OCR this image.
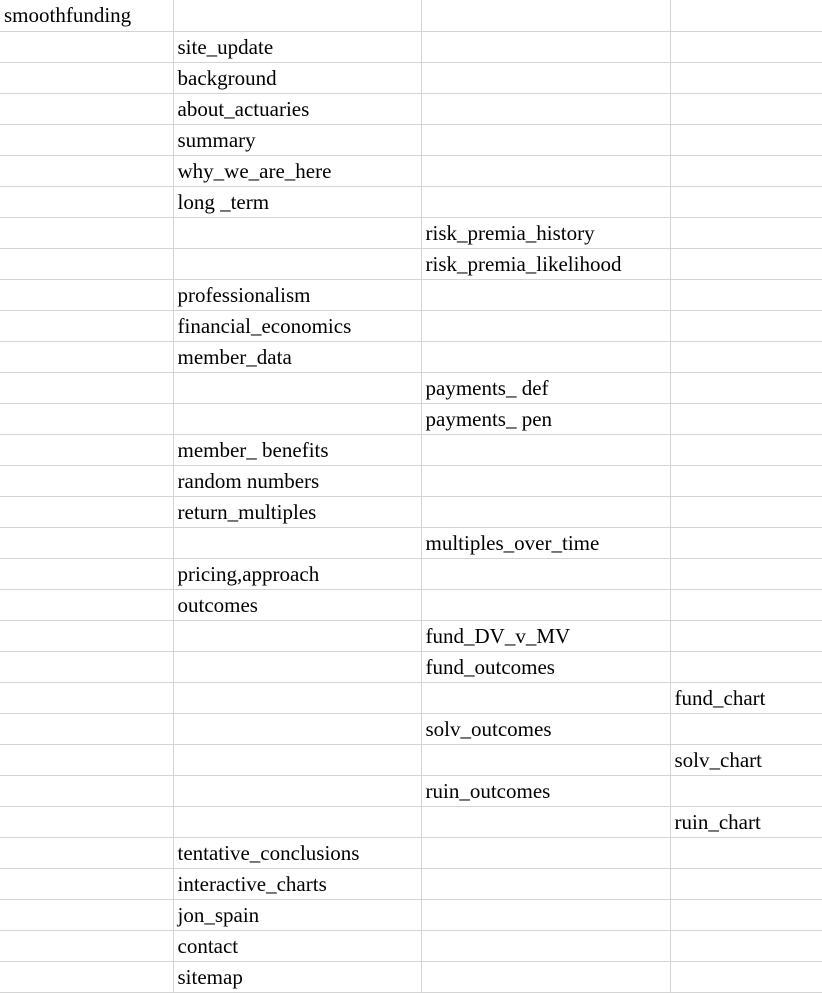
smoothfunding			
	site_update		
	background		
	about_actuaries		
	summary		
	why_we_are_here		
	long _term		
		risk_premia_history	
		risk_premia_likelihood	
	professionalism		
	financial_economics		
	member_data		
		payments_ def	
		payments_ pen	
	member_ benefits		
	random numbers		
	return_multiples		
		multiples_over_time	
	pricing,approach		
	outcomes		
		fund_DV_v_MV	
		fund_outcomes	
			fund_chart
		solv_outcomes	
			solv_chart
		ruin_outcomes	
			ruin_chart
	tentative_conclusions		
	interactive_charts		
	jon_spain		
	contact		
	sitemap		
